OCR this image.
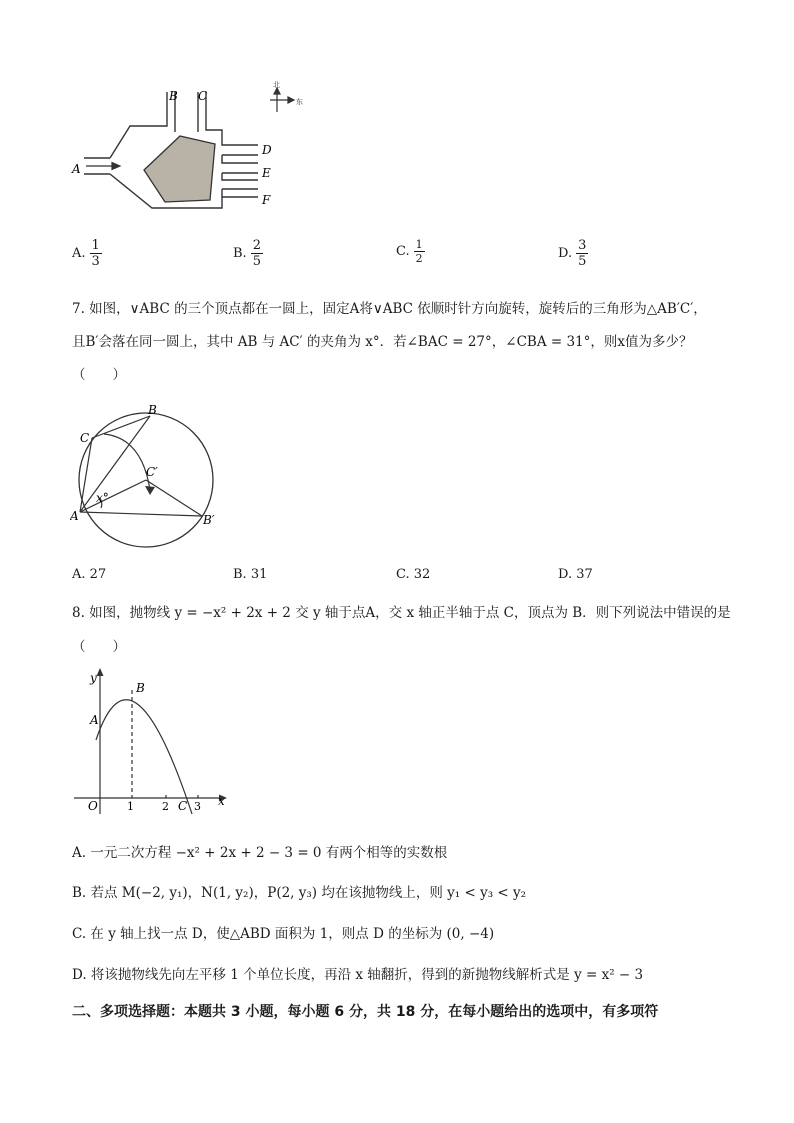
北
东
B C
A
D
E
F
A. $\frac{1}{3}$	B. $\frac{2}{5}$	C. $\frac{1}{2}$	D. $\frac{3}{5}$
7. 如图，∨ABC 的三个顶点都在一圆上，固定A将∨ABC 依顺时针方向旋转，旋转后的三角形为△AB′C′，
且B′会落在同一圆上，其中 AB 与 AC′ 的夹角为 x°．若∠BAC = 27°，∠CBA = 31°，则x值为多少？
（　　）
B
C
C′
A	B′
x°
A. 27	B. 31	C. 32	D. 37
8. 如图，抛物线 y = −x² + 2x + 2 交 y 轴于点A，交 x 轴正半轴于点 C，顶点为 B．则下列说法中错误的是
（　　）
y
x
O
A
B
C
1	2 3
A. 一元二次方程 −x² + 2x + 2 − 3 = 0 有两个相等的实数根
B. 若点 M(−2, y₁)，N(1, y₂)，P(2, y₃) 均在该抛物线上，则 y₁ < y₃ < y₂
C. 在 y 轴上找一点 D，使△ABD 面积为 1，则点 D 的坐标为 (0, −4)
D. 将该抛物线先向左平移 1 个单位长度，再沿 x 轴翻折，得到的新抛物线解析式是 y = x² − 3
二、多项选择题：本题共 3 小题，每小题 6 分，共 18 分，在每小题给出的选项中，有多项符
